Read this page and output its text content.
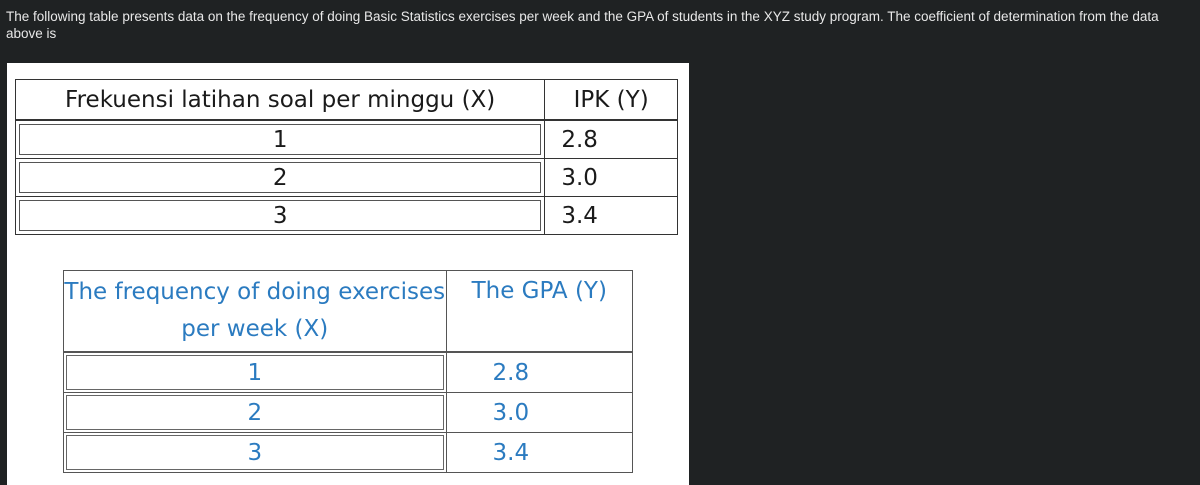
The following table presents data on the frequency of doing Basic Statistics exercises per week and the GPA of students in the XYZ study program. The coefficient of determination from the data above is

Frekuensi latihan soal per minggu (X)	IPK (Y)
1	2.8
2	3.0
3	3.4
The frequency of doing exercises per week (X)	The GPA (Y)
1	2.8
2	3.0
3	3.4
